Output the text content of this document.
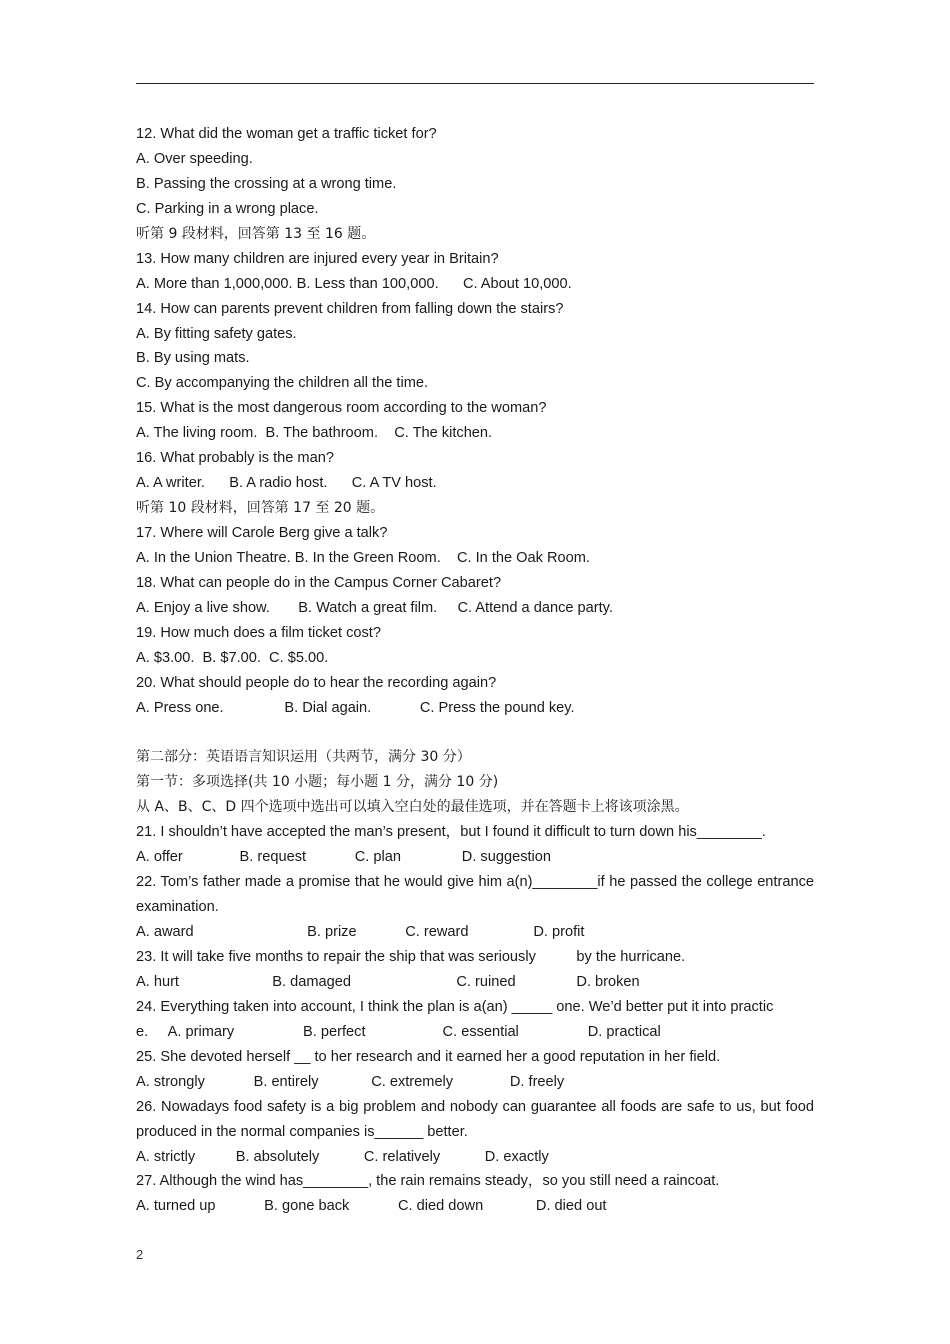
12. What did the woman get a traffic ticket for?
A. Over speeding.
B. Passing the crossing at a wrong time.
C. Parking in a wrong place.
听第 9 段材料，回答第 13 至 16 题。
13. How many children are injured every year in Britain?
A. More than 1,000,000. B. Less than 100,000.      C. About 10,000.
14. How can parents prevent children from falling down the stairs?
A. By fitting safety gates.
B. By using mats.
C. By accompanying the children all the time.
15. What is the most dangerous room according to the woman?
A. The living room.  B. The bathroom.    C. The kitchen.
16. What probably is the man?
A. A writer.      B. A radio host.      C. A TV host.
听第 10 段材料，回答第 17 至 20 题。
17. Where will Carole Berg give a talk?
A. In the Union Theatre. B. In the Green Room.    C. In the Oak Room.
18. What can people do in the Campus Corner Cabaret?
A. Enjoy a live show.       B. Watch a great film.     C. Attend a dance party.
19. How much does a film ticket cost?
A. $3.00.  B. $7.00.  C. $5.00.
20. What should people do to hear the recording again?
A. Press one.               B. Dial again.            C. Press the pound key.
第二部分：英语语言知识运用（共两节，满分 30 分）
第一节：多项选择(共 10 小题；每小题 1 分，满分 10 分)
从 A、B、C、D 四个选项中选出可以填入空白处的最佳选项，并在答题卡上将该项涂黑。
21. I shouldn’t have accepted the man’s present，but I found it difficult to turn down his________.
A. offer              B. request            C. plan               D. suggestion
22. Tom’s father made a promise that he would give him a(n)________if he passed the college entrance examination.
A. award                            B. prize            C. reward                D. profit
23. It will take five months to repair the ship that was seriously          by the hurricane.
A. hurt                       B. damaged                          C. ruined               D. broken
24. Everything taken into account, I think the plan is a(an) _____ one. We’d better put it into practic
e.     A. primary                 B. perfect                   C. essential                 D. practical
25. She devoted herself __ to her research and it earned her a good reputation in her field.
A. strongly            B. entirely             C. extremely              D. freely
26. Nowadays food safety is a big problem and nobody can guarantee all foods are safe to us, but food produced in the normal companies is______ better.
A. strictly          B. absolutely           C. relatively           D. exactly
27. Although the wind has________, the rain remains steady，so you still need a raincoat.
A. turned up            B. gone back            C. died down             D. died out
2
